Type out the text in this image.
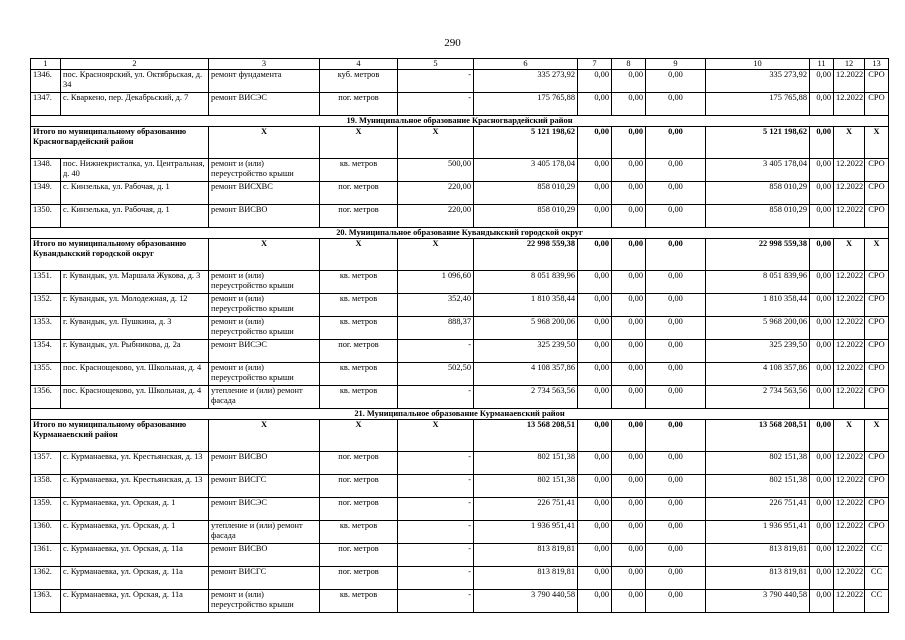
290
1	2	3	4	5	6	7	8	9	10	11	12	13
1346.	пос. Красноярский, ул. Октябрьская, д. 34	ремонт фундамента	куб. метров	-	335 273,92	0,00	0,00	0,00	335 273,92	0,00	12.2022	СРО
1347.	с. Кваркено, пер. Декабрьский, д. 7	ремонт ВИСЭС	пог. метров	-	175 765,88	0,00	0,00	0,00	175 765,88	0,00	12.2022	СРО
19. Муниципальное образование Красногвардейский район												
Итого по муниципальному образованию Красногвардейский район		Х	Х	Х	5 121 198,62	0,00	0,00	0,00	5 121 198,62	0,00	Х	Х
1348.	пос. Нижнекристалка, ул. Центральная, д. 40	ремонт и (или) переустройство крыши	кв. метров	500,00	3 405 178,04	0,00	0,00	0,00	3 405 178,04	0,00	12.2022	СРО
1349.	с. Кинзелька, ул. Рабочая, д. 1	ремонт ВИСХВС	пог. метров	220,00	858 010,29	0,00	0,00	0,00	858 010,29	0,00	12.2022	СРО
1350.	с. Кинзелька, ул. Рабочая, д. 1	ремонт ВИСВО	пог. метров	220,00	858 010,29	0,00	0,00	0,00	858 010,29	0,00	12.2022	СРО
20. Муниципальное образование Кувандыкский городской округ												
Итого по муниципальному образованию Кувандыкский городской округ		Х	Х	Х	22 998 559,38	0,00	0,00	0,00	22 998 559,38	0,00	Х	Х
1351.	г. Кувандык, ул. Маршала Жукова, д. 3	ремонт и (или) переустройство крыши	кв. метров	1 096,60	8 051 839,96	0,00	0,00	0,00	8 051 839,96	0,00	12.2022	СРО
1352.	г. Кувандык, ул. Молодежная, д. 12	ремонт и (или) переустройство крыши	кв. метров	352,40	1 810 358,44	0,00	0,00	0,00	1 810 358,44	0,00	12.2022	СРО
1353.	г. Кувандык, ул. Пушкина, д. 3	ремонт и (или) переустройство крыши	кв. метров	888,37	5 968 200,06	0,00	0,00	0,00	5 968 200,06	0,00	12.2022	СРО
1354.	г. Кувандык, ул. Рыбникова, д. 2а	ремонт ВИСЭС	пог. метров	-	325 239,50	0,00	0,00	0,00	325 239,50	0,00	12.2022	СРО
1355.	пос. Краснощеково, ул. Школьная, д. 4	ремонт и (или) переустройство крыши	кв. метров	502,50	4 108 357,86	0,00	0,00	0,00	4 108 357,86	0,00	12.2022	СРО
1356.	пос. Краснощеково, ул. Школьная, д. 4	утепление и (или) ремонт фасада	кв. метров	-	2 734 563,56	0,00	0,00	0,00	2 734 563,56	0,00	12.2022	СРО
21. Муниципальное образование Курманаевский район												
Итого по муниципальному образованию Курманаевский район		Х	Х	Х	13 568 208,51	0,00	0,00	0,00	13 568 208,51	0,00	Х	Х
1357.	с. Курманаевка, ул. Крестьянская, д. 13	ремонт ВИСВО	пог. метров	-	802 151,38	0,00	0,00	0,00	802 151,38	0,00	12.2022	СРО
1358.	с. Курманаевка, ул. Крестьянская, д. 13	ремонт ВИСГС	пог. метров	-	802 151,38	0,00	0,00	0,00	802 151,38	0,00	12.2022	СРО
1359.	с. Курманаевка, ул. Орская, д. 1	ремонт ВИСЭС	пог. метров	-	226 751,41	0,00	0,00	0,00	226 751,41	0,00	12.2022	СРО
1360.	с. Курманаевка, ул. Орская, д. 1	утепление и (или) ремонт фасада	кв. метров	-	1 936 951,41	0,00	0,00	0,00	1 936 951,41	0,00	12.2022	СРО
1361.	с. Курманаевка, ул. Орская, д. 11а	ремонт ВИСВО	пог. метров	-	813 819,81	0,00	0,00	0,00	813 819,81	0,00	12.2022	СС
1362.	с. Курманаевка, ул. Орская, д. 11а	ремонт ВИСГС	пог. метров	-	813 819,81	0,00	0,00	0,00	813 819,81	0,00	12.2022	СС
1363.	с. Курманаевка, ул. Орская, д. 11а	ремонт и (или) переустройство крыши	кв. метров	-	3 790 440,58	0,00	0,00	0,00	3 790 440,58	0,00	12.2022	СС
